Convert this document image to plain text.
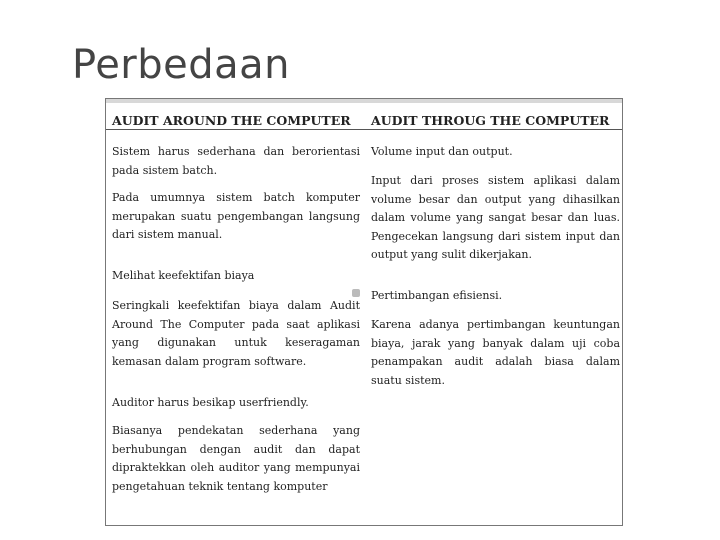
Perbedaan
AUDIT AROUND THE COMPUTER AUDIT THROUG THE COMPUTER
Sistem harus sederhana dan berorientasi pada sistem batch.
Pada umumnya sistem batch komputer merupakan suatu pengembangan langsung dari sistem manual.
Melihat keefektifan biaya
Seringkali keefektifan biaya dalam Audit Around The Computer pada saat aplikasi yang digunakan untuk keseragaman kemasan dalam program software.
Auditor harus besikap userfriendly.
Biasanya pendekatan sederhana yang berhubungan dengan audit dan dapat dipraktekkan oleh auditor yang mempunyai pengetahuan teknik tentang komputer
Volume input dan output.
Input dari proses sistem aplikasi dalam volume besar dan output yang dihasilkan dalam volume yang sangat besar dan luas. Pengecekan langsung dari sistem input dan output yang sulit dikerjakan.
Pertimbangan efisiensi.
Karena adanya pertimbangan keuntungan biaya, jarak yang banyak dalam uji coba penampakan audit adalah biasa dalam suatu sistem.
